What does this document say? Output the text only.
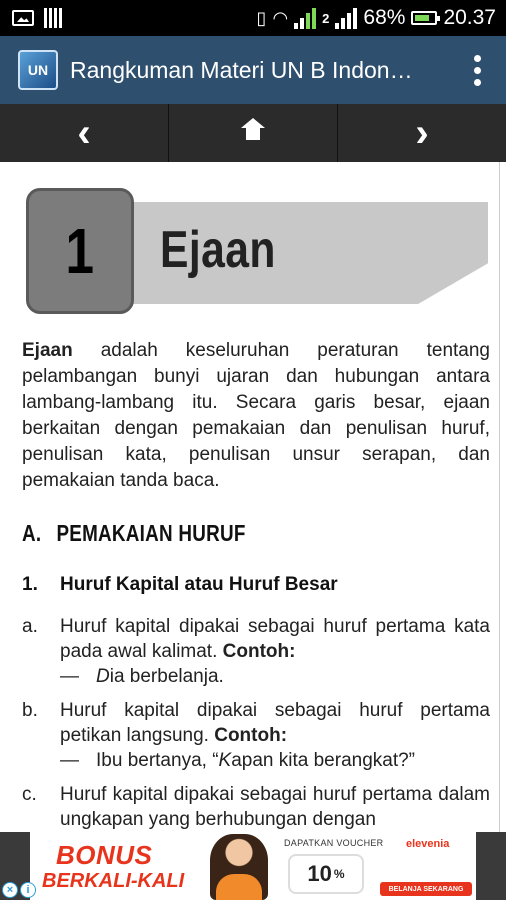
▯ ◠	2 68% 20.37
UN Rangkuman Materi UN B Indon…
‹	›
1 Ejaan

Ejaan adalah keseluruhan peraturan tentang pelambangan bunyi ujaran dan hubungan antara lambang-lambang itu. Secara garis besar, ejaan berkaitan dengan pemakaian dan penulisan huruf, penulisan kata, penulisan unsur serapan, dan pemakaian tanda baca.

A. PEMAKAIAN HURUF
1. Huruf Kapital atau Huruf Besar
a.	Huruf kapital dipakai sebagai huruf pertama kata pada awal kalimat. Contoh:
— Dia berbelanja.
b.	Huruf kapital dipakai sebagai huruf pertama petikan langsung. Contoh:
— Ibu bertanya, “Kapan kita berangkat?”
c.	Huruf kapital dipakai sebagai huruf pertama dalam ungkapan yang berhubungan dengan
BONUS
BERKALI-KALI
DAPATKAN VOUCHER
10 %
elevenia
BELANJA SEKARANG
×	i
